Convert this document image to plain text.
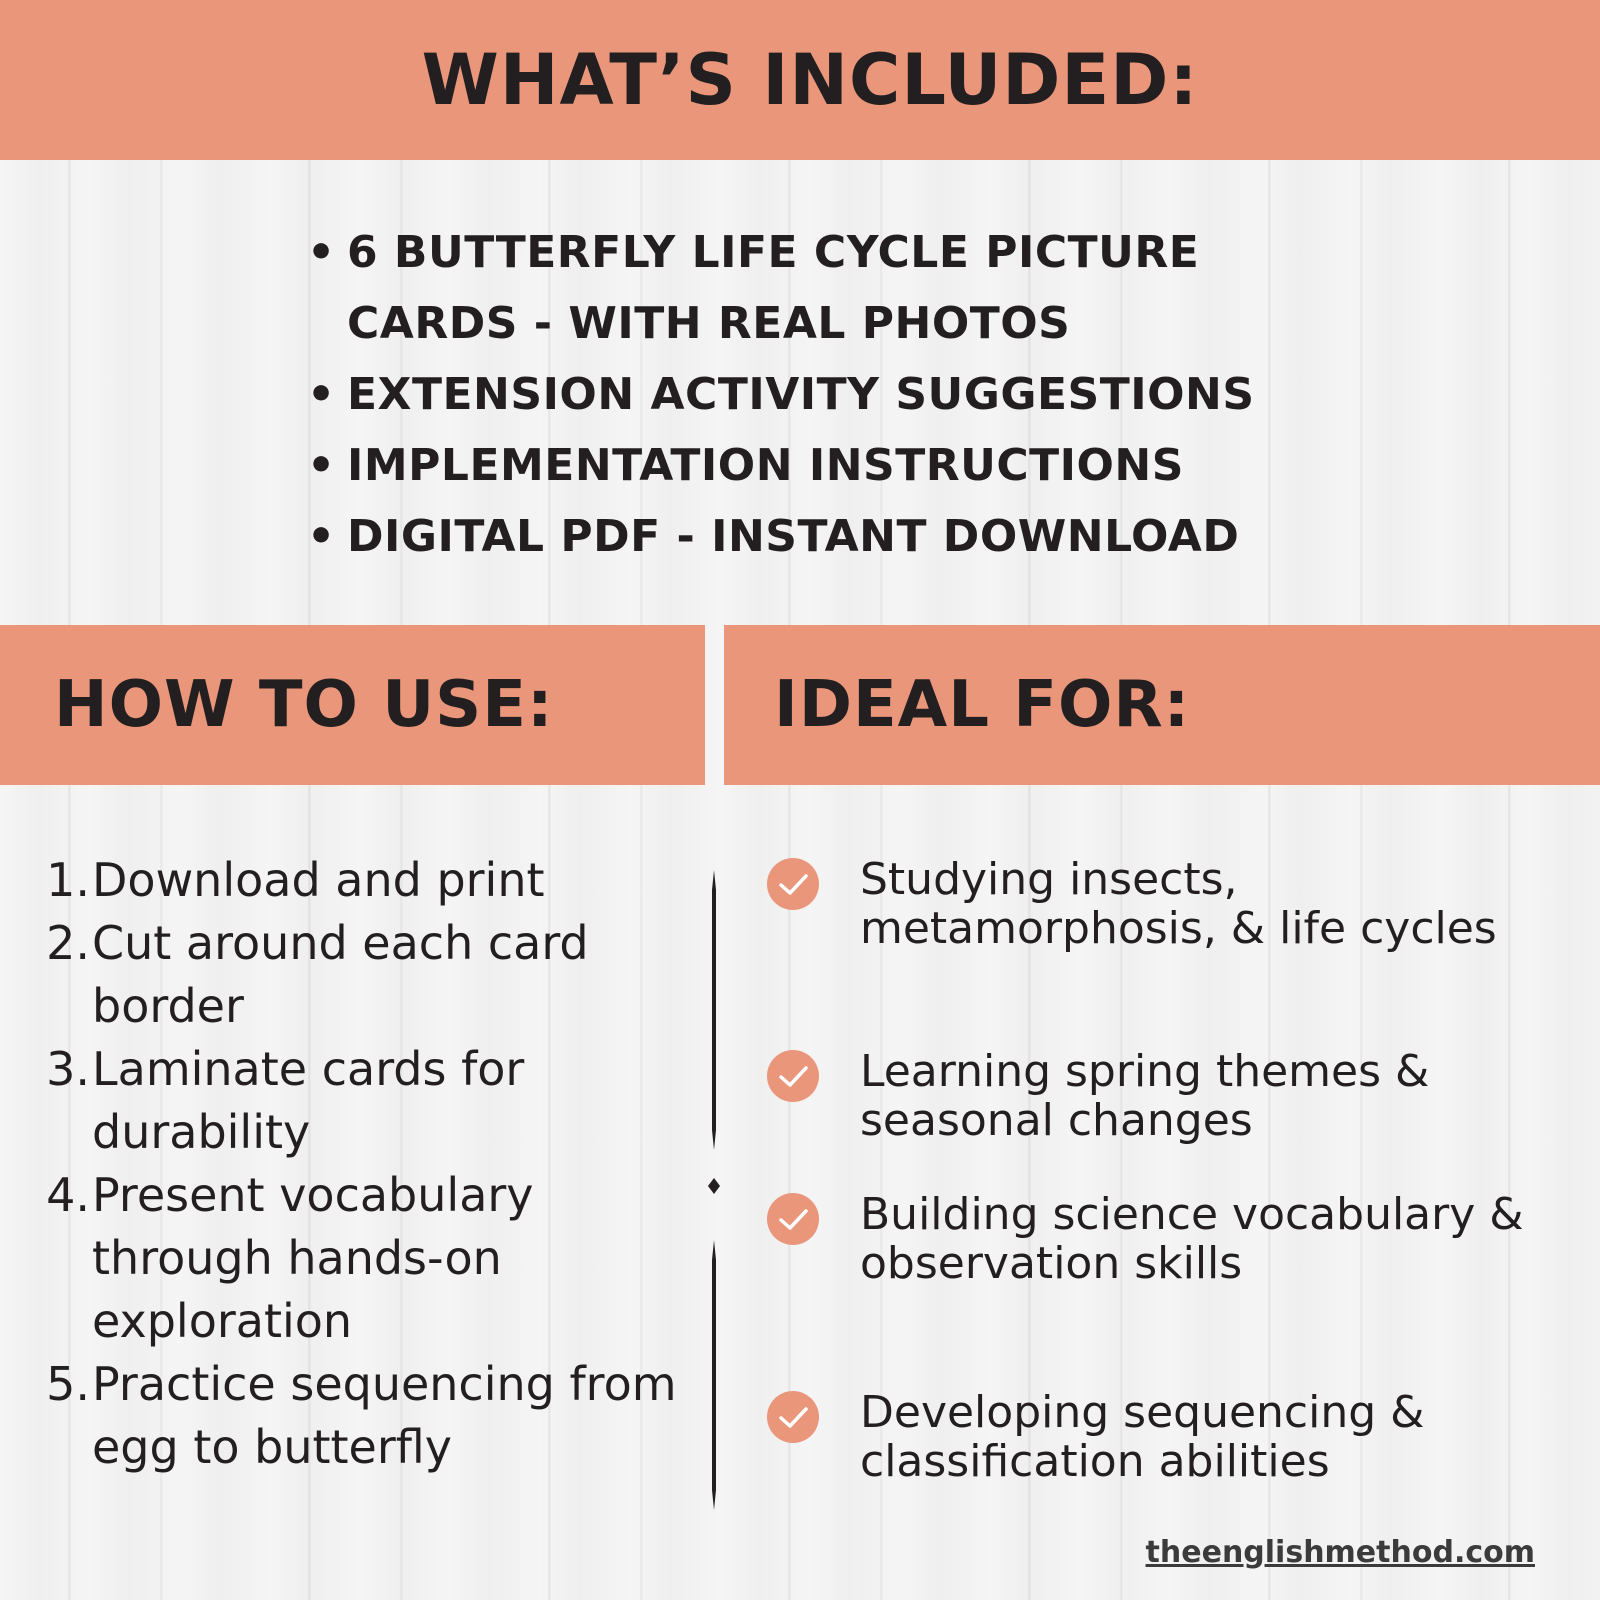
WHAT’S INCLUDED:
• 6 BUTTERFLY LIFE CYCLE PICTURE CARDS - WITH REAL PHOTOS
• EXTENSION ACTIVITY SUGGESTIONS
• IMPLEMENTATION INSTRUCTIONS
• DIGITAL PDF - INSTANT DOWNLOAD
HOW TO USE:	IDEAL FOR:
1. Download and print
2. Cut around each card border
3. Laminate cards for durability
4. Present vocabulary through hands-on exploration
5. Practice sequencing from egg to butterfly
Studying insects, metamorphosis, & life cycles
Learning spring themes & seasonal changes
Building science vocabulary & observation skills
Developing sequencing & classification abilities
theenglishmethod.com
